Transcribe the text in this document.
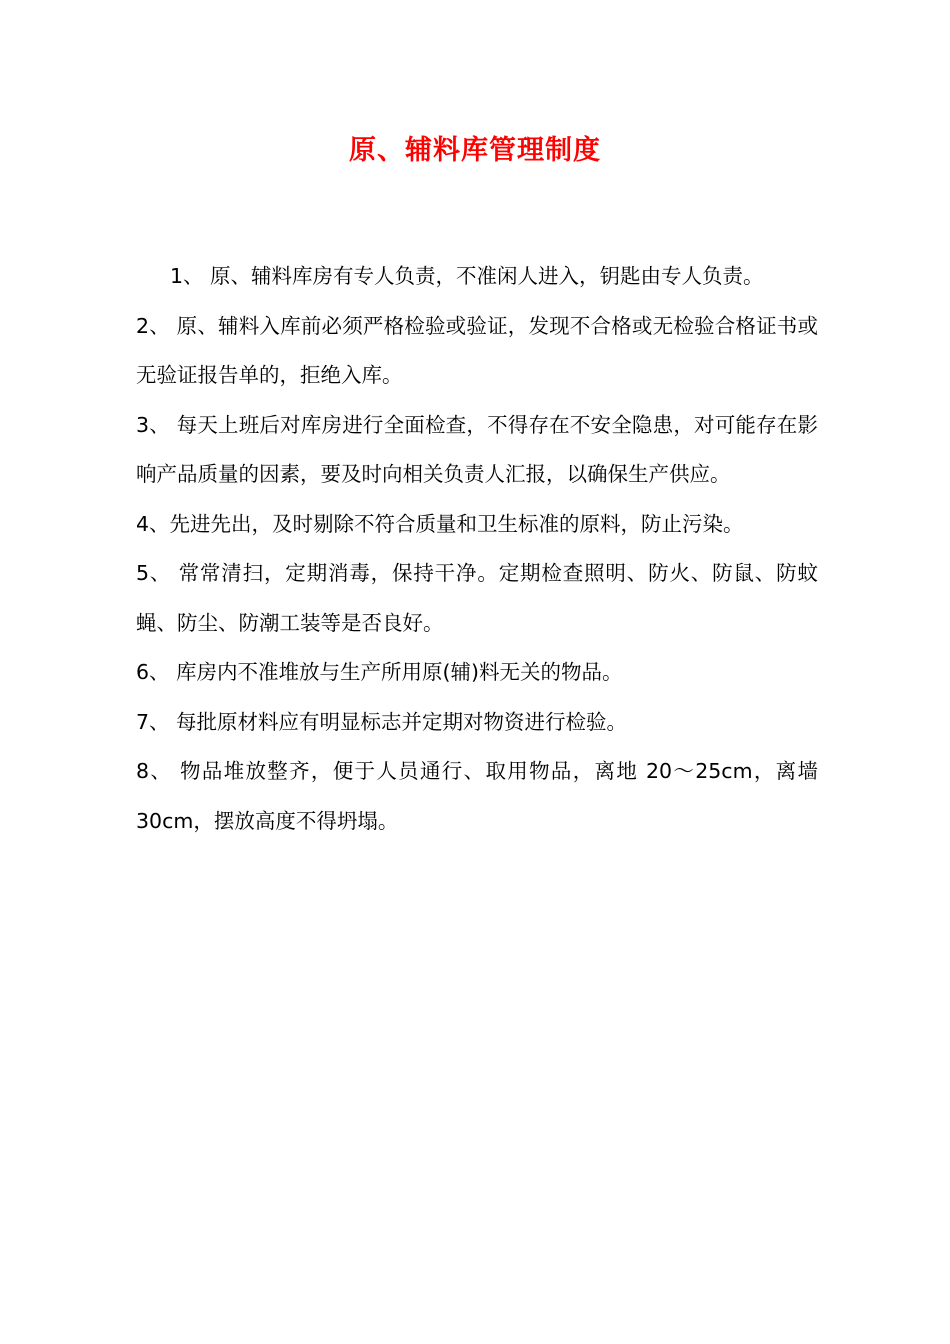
原、辅料库管理制度

1、 原、辅料库房有专人负责，不准闲人进入，钥匙由专人负责。

2、 原、辅料入库前必须严格检验或验证，发现不合格或无检验合格证书或无验证报告单的，拒绝入库。

3、 每天上班后对库房进行全面检查，不得存在不安全隐患，对可能存在影响产品质量的因素，要及时向相关负责人汇报，以确保生产供应。

4、先进先出，及时剔除不符合质量和卫生标准的原料，防止污染。

5、 常常清扫，定期消毒，保持干净。定期检查照明、防火、防鼠、防蚊蝇、防尘、防潮工装等是否良好。

6、 库房内不准堆放与生产所用原(辅)料无关的物品。

7、 每批原材料应有明显标志并定期对物资进行检验。

8、 物品堆放整齐，便于人员通行、取用物品，离地 20～25cm，离墙 30cm，摆放高度不得坍塌。
